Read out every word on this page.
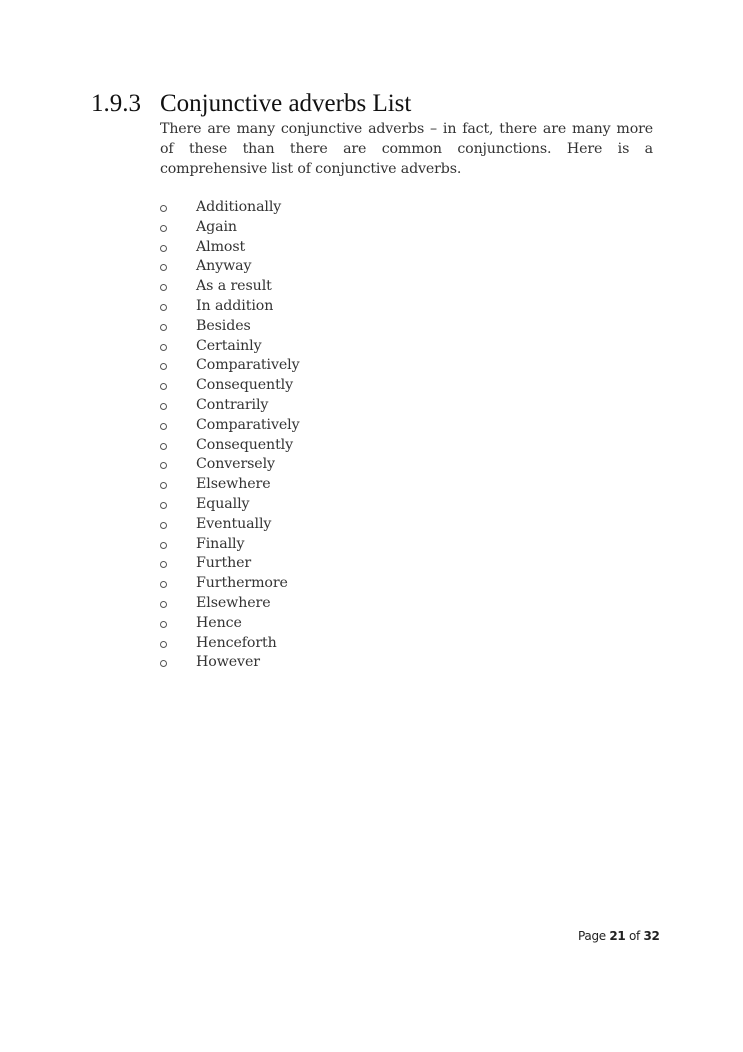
1.9.3 Conjunctive adverbs List
There are many conjunctive adverbs – in fact, there are many more of these than there are common conjunctions. Here is a comprehensive list of conjunctive adverbs.
Additionally
Again
Almost
Anyway
As a result
In addition
Besides
Certainly
Comparatively
Consequently
Contrarily
Comparatively
Consequently
Conversely
Elsewhere
Equally
Eventually
Finally
Further
Furthermore
Elsewhere
Hence
Henceforth
However
Page 21 of 32
